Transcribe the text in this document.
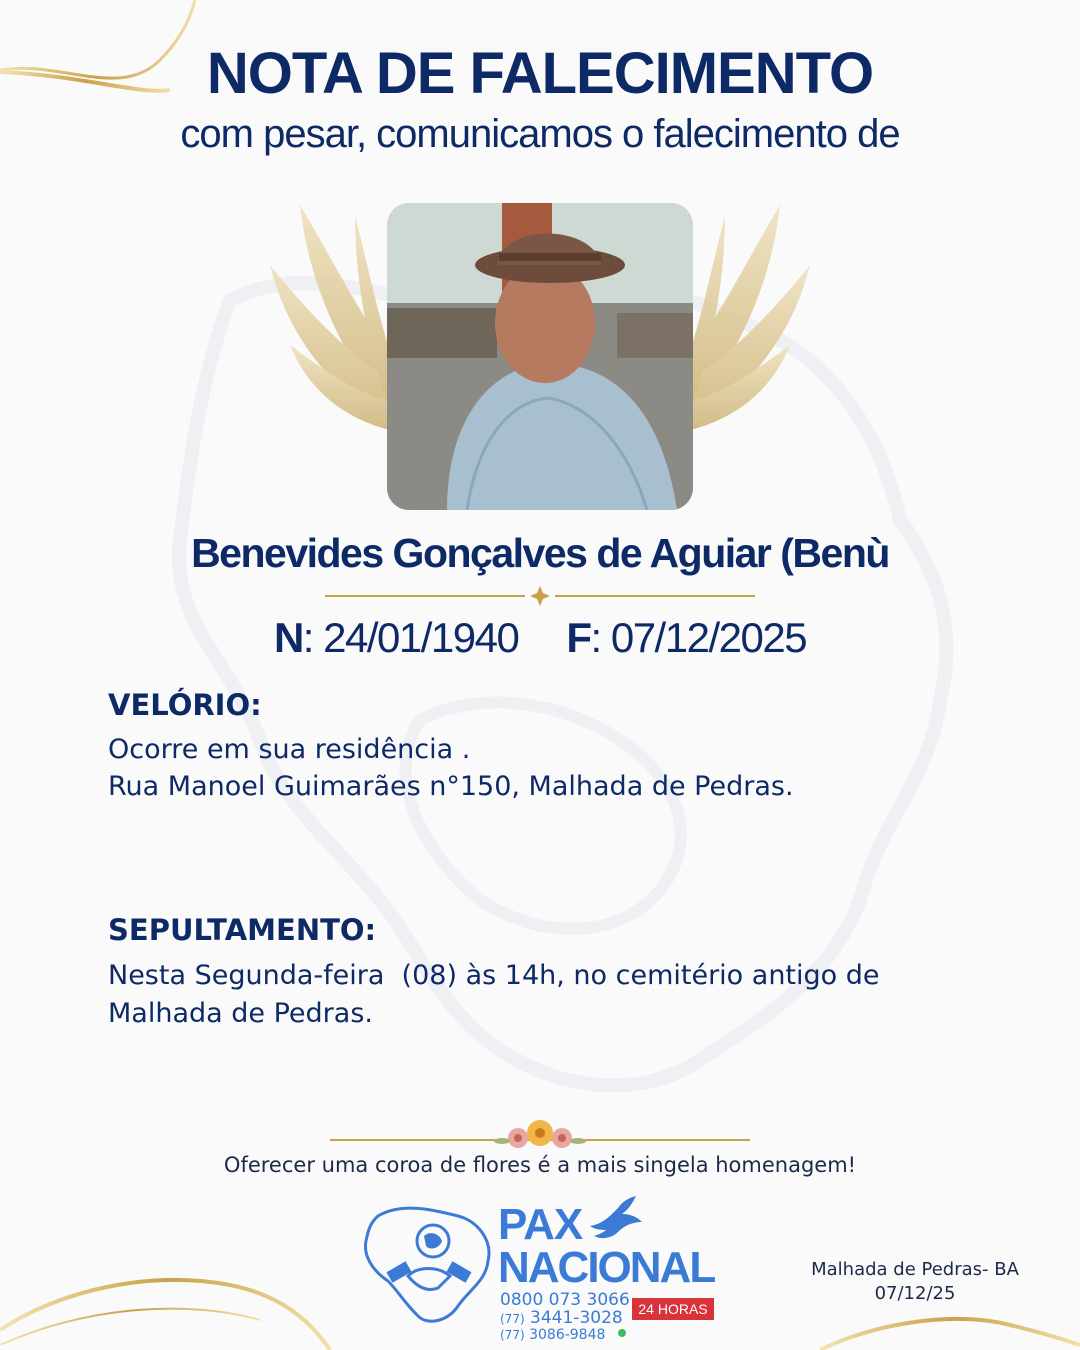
NOTA DE FALECIMENTO
com pesar, comunicamos o falecimento de
Benevides Gonçalves de Aguiar (Benù
N: 24/01/1940 F: 07/12/2025
VELÓRIO:
Ocorre em sua residência .
Rua Manoel Guimarães n°150, Malhada de Pedras.
SEPULTAMENTO:
Nesta Segunda-feira  (08) às 14h, no cemitério antigo de
Malhada de Pedras.
Oferecer uma coroa de flores é a mais singela homenagem!
PAX
NACIONAL
0800 073 3066
(77) 3441-3028
(77) 3086-9848
24 HORAS
Malhada de Pedras- BA
07/12/25
